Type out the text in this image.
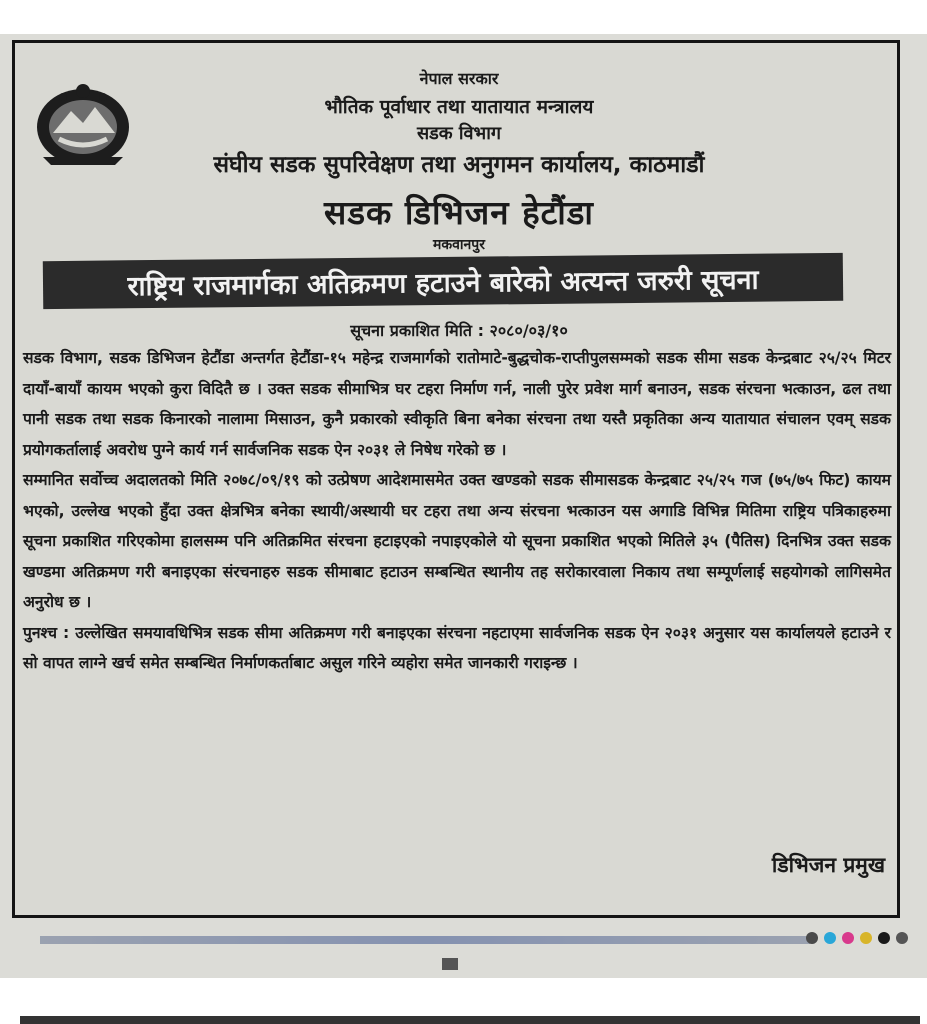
नेपाल सरकार
भौतिक पूर्वाधार तथा यातायात मन्त्रालय
सडक विभाग
संघीय सडक सुपरिवेक्षण तथा अनुगमन कार्यालय, काठमाडौं
सडक डिभिजन हेटौंडा
मकवानपुर
राष्ट्रिय राजमार्गका अतिक्रमण हटाउने बारेको अत्यन्त जरुरी सूचना
सूचना प्रकाशित मिति : २०८०/०३/१०

सडक विभाग, सडक डिभिजन हेटौंडा अन्तर्गत हेटौंडा-१५ महेन्द्र राजमार्गको रातोमाटे-बुद्धचोक-राप्तीपुलसम्मको सडक सीमा सडक केन्द्रबाट २५/२५ मिटर दायाँ-बायाँ कायम भएको कुरा विदितै छ । उक्त सडक सीमाभित्र घर टहरा निर्माण गर्न, नाली पुरेर प्रवेश मार्ग बनाउन, सडक संरचना भत्काउन, ढल तथा पानी सडक तथा सडक किनारको नालामा मिसाउन, कुनै प्रकारको स्वीकृति बिना बनेका संरचना तथा यस्तै प्रकृतिका अन्य यातायात संचालन एवम् सडक प्रयोगकर्तालाई अवरोध पुग्ने कार्य गर्न सार्वजनिक सडक ऐन २०३१ ले निषेध गरेको छ ।

सम्मानित सर्वोच्च अदालतको मिति २०७८/०९/१९ को उत्प्रेषण आदेशमासमेत उक्त खण्डको सडक सीमासडक केन्द्रबाट २५/२५ गज (७५/७५ फिट) कायम भएको, उल्लेख भएको हुँदा उक्त क्षेत्रभित्र बनेका स्थायी/अस्थायी घर टहरा तथा अन्य संरचना भत्काउन यस अगाडि विभिन्न मितिमा राष्ट्रिय पत्रिकाहरुमा सूचना प्रकाशित गरिएकोमा हालसम्म पनि अतिक्रमित संरचना हटाइएको नपाइएकोले यो सूचना प्रकाशित भएको मितिले ३५ (पैतिस) दिनभित्र उक्त सडक खण्डमा अतिक्रमण गरी बनाइएका संरचनाहरु सडक सीमाबाट हटाउन सम्बन्धित स्थानीय तह सरोकारवाला निकाय तथा सम्पूर्णलाई सहयोगको लागिसमेत अनुरोध छ ।

पुनश्च : उल्लेखित समयावधिभित्र सडक सीमा अतिक्रमण गरी बनाइएका संरचना नहटाएमा सार्वजनिक सडक ऐन २०३१ अनुसार यस कार्यालयले हटाउने र सो वापत लाग्ने खर्च समेत सम्बन्धित निर्माणकर्ताबाट असुल गरिने व्यहोरा समेत जानकारी गराइन्छ ।

डिभिजन प्रमुख
